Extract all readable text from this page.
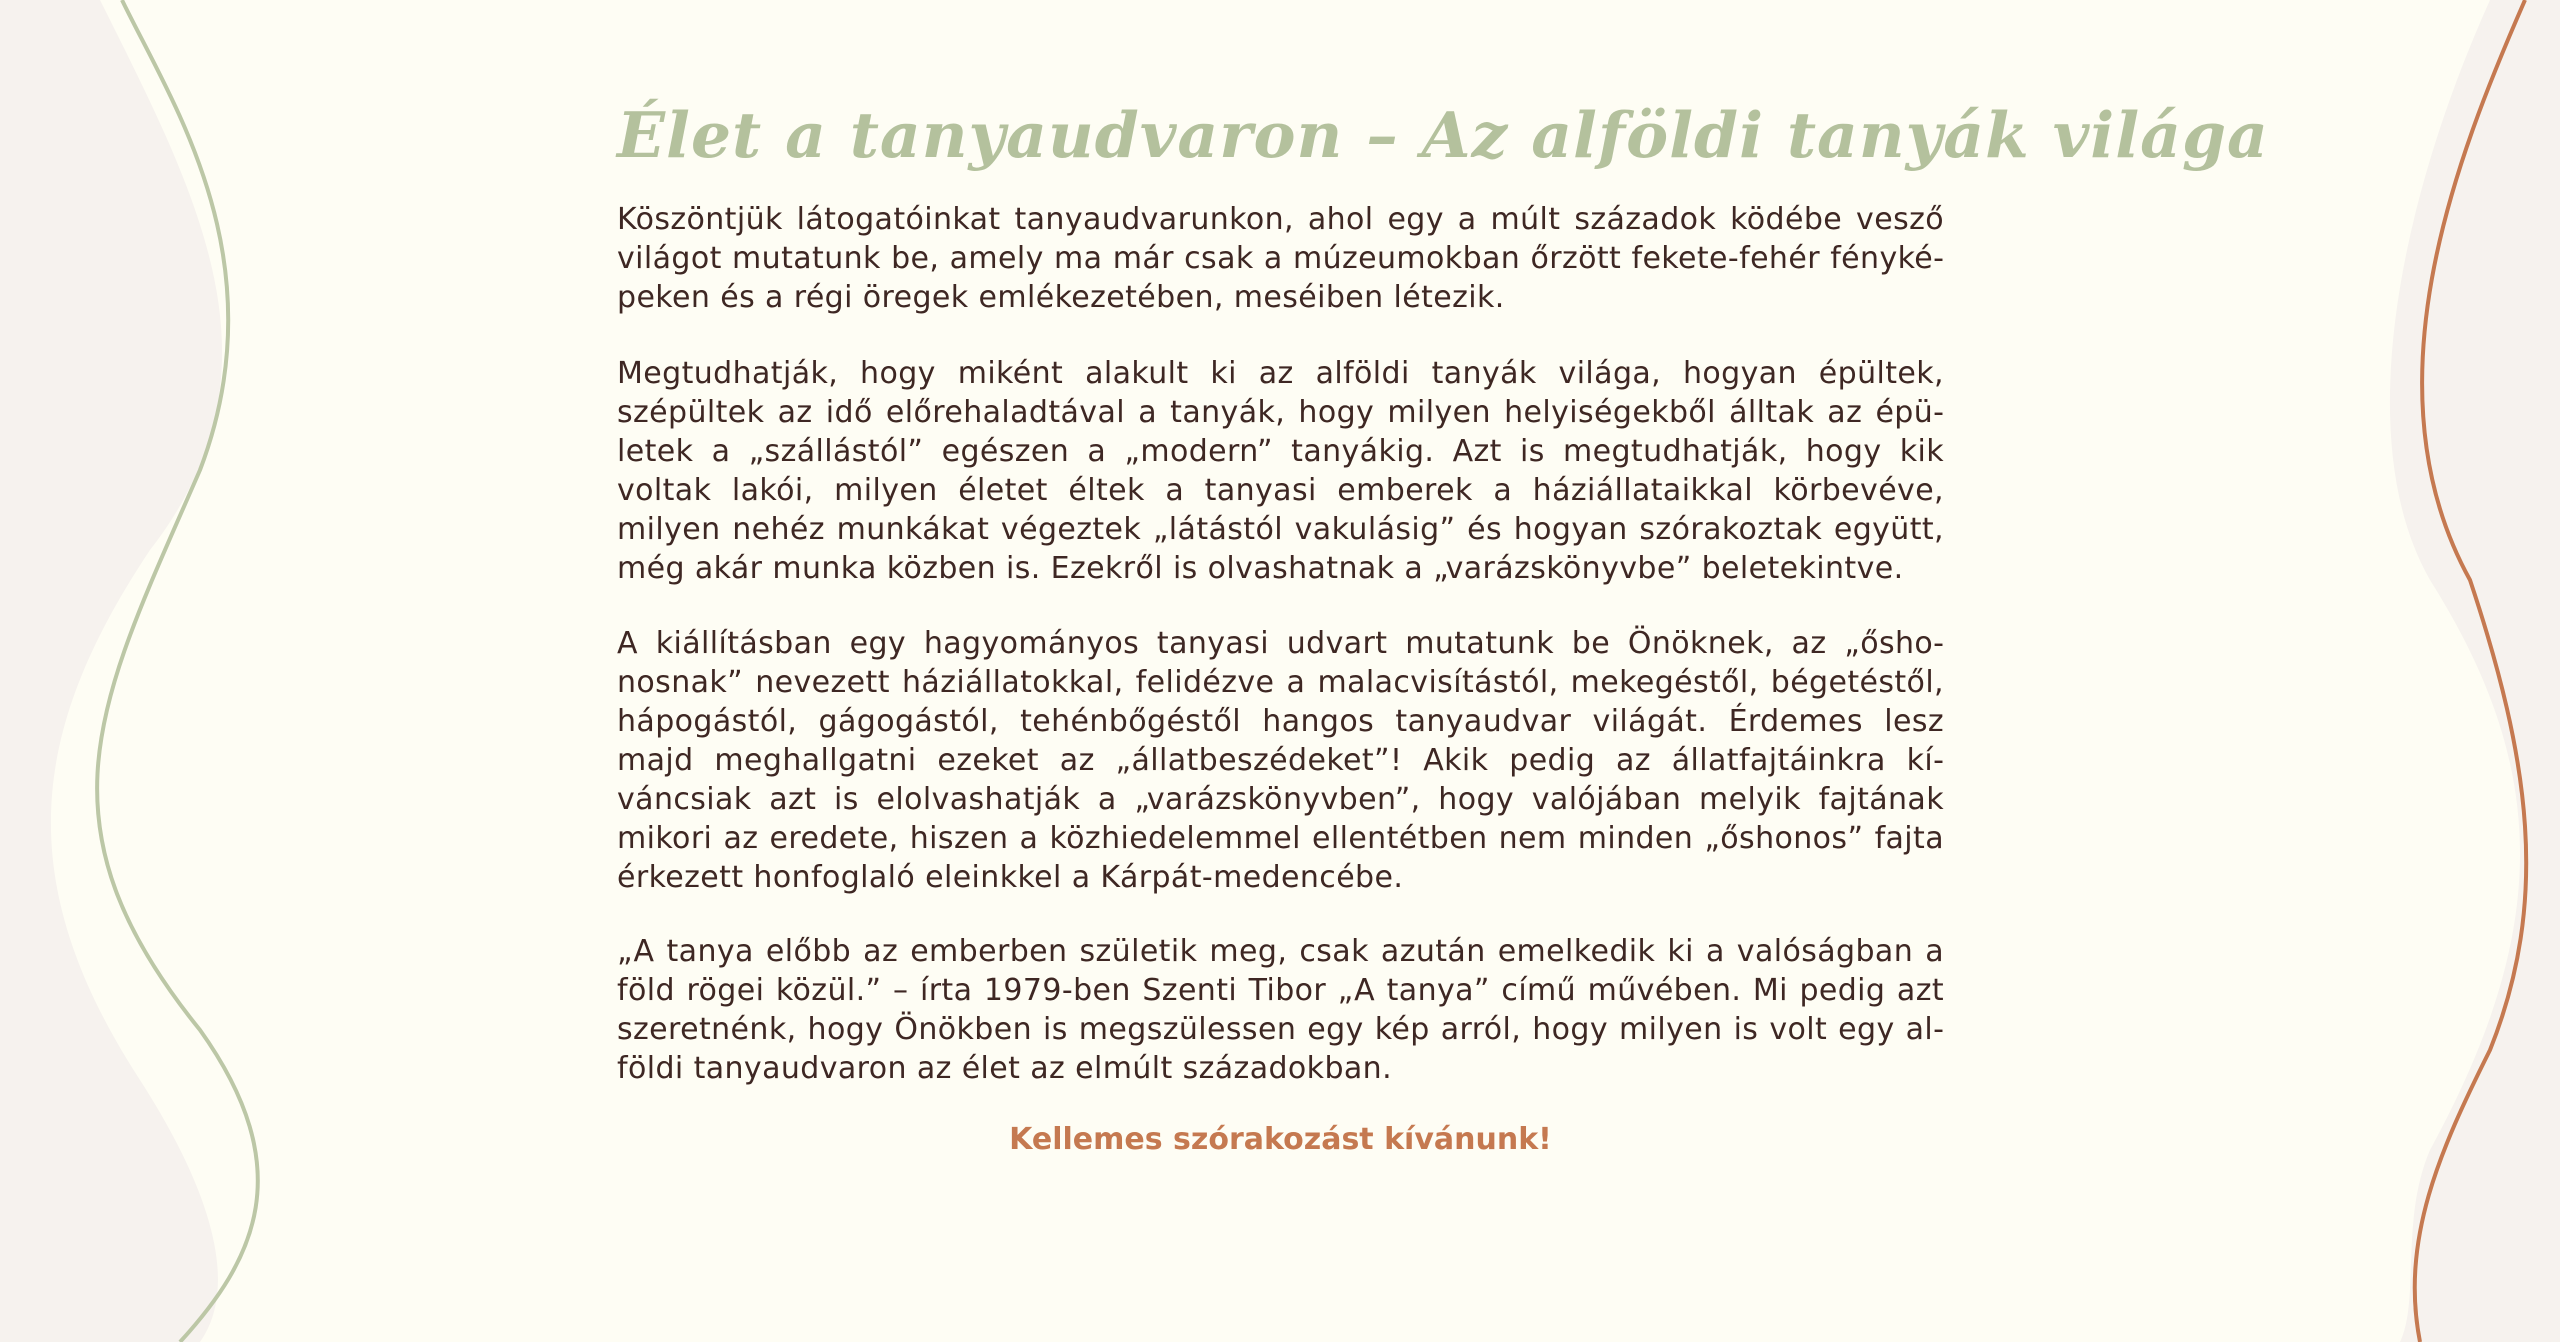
Élet a tanyaudvaron – Az alföldi tanyák világa

Köszöntjük látogatóinkat tanyaudvarunkon, ahol egy a múlt századok ködébe vesző világot mutatunk be, amely ma már csak a múzeumokban őrzött fekete-fehér fényképeken és a régi öregek emlékezetében, meséiben létezik.

Megtudhatják, hogy miként alakult ki az alföldi tanyák világa, hogyan épültek, szépültek az idő előrehaladtával a tanyák, hogy milyen helyiségekből álltak az épületek a „szállástól” egészen a „modern” tanyákig. Azt is megtudhatják, hogy kik voltak lakói, milyen életet éltek a tanyasi emberek a háziállataikkal körbevéve, milyen nehéz munkákat végeztek „látástól vakulásig” és hogyan szórakoztak együtt, még akár munka közben is. Ezekről is olvashatnak a „varázskönyvbe” beletekintve.

A kiállításban egy hagyományos tanyasi udvart mutatunk be Önöknek, az „őshonosnak” nevezett háziállatokkal, felidézve a malacvisítástól, mekegéstől, bégetéstől, hápogástól, gágogástól, tehénbőgéstől hangos tanyaudvar világát. Érdemes lesz majd meghallgatni ezeket az „állatbeszédeket”! Akik pedig az állatfajtáinkra kíváncsiak azt is elolvashatják a „varázskönyvben”, hogy valójában melyik fajtának mikori az eredete, hiszen a közhiedelemmel ellentétben nem minden „őshonos” fajta érkezett honfoglaló eleinkkel a Kárpát-medencébe.

„A tanya előbb az emberben születik meg, csak azután emelkedik ki a valóságban a föld rögei közül.” – írta 1979-ben Szenti Tibor „A tanya” című művében. Mi pedig azt szeretnénk, hogy Önökben is megszülessen egy kép arról, hogy milyen is volt egy alföldi tanyaudvaron az élet az elmúlt századokban.

Kellemes szórakozást kívánunk!
